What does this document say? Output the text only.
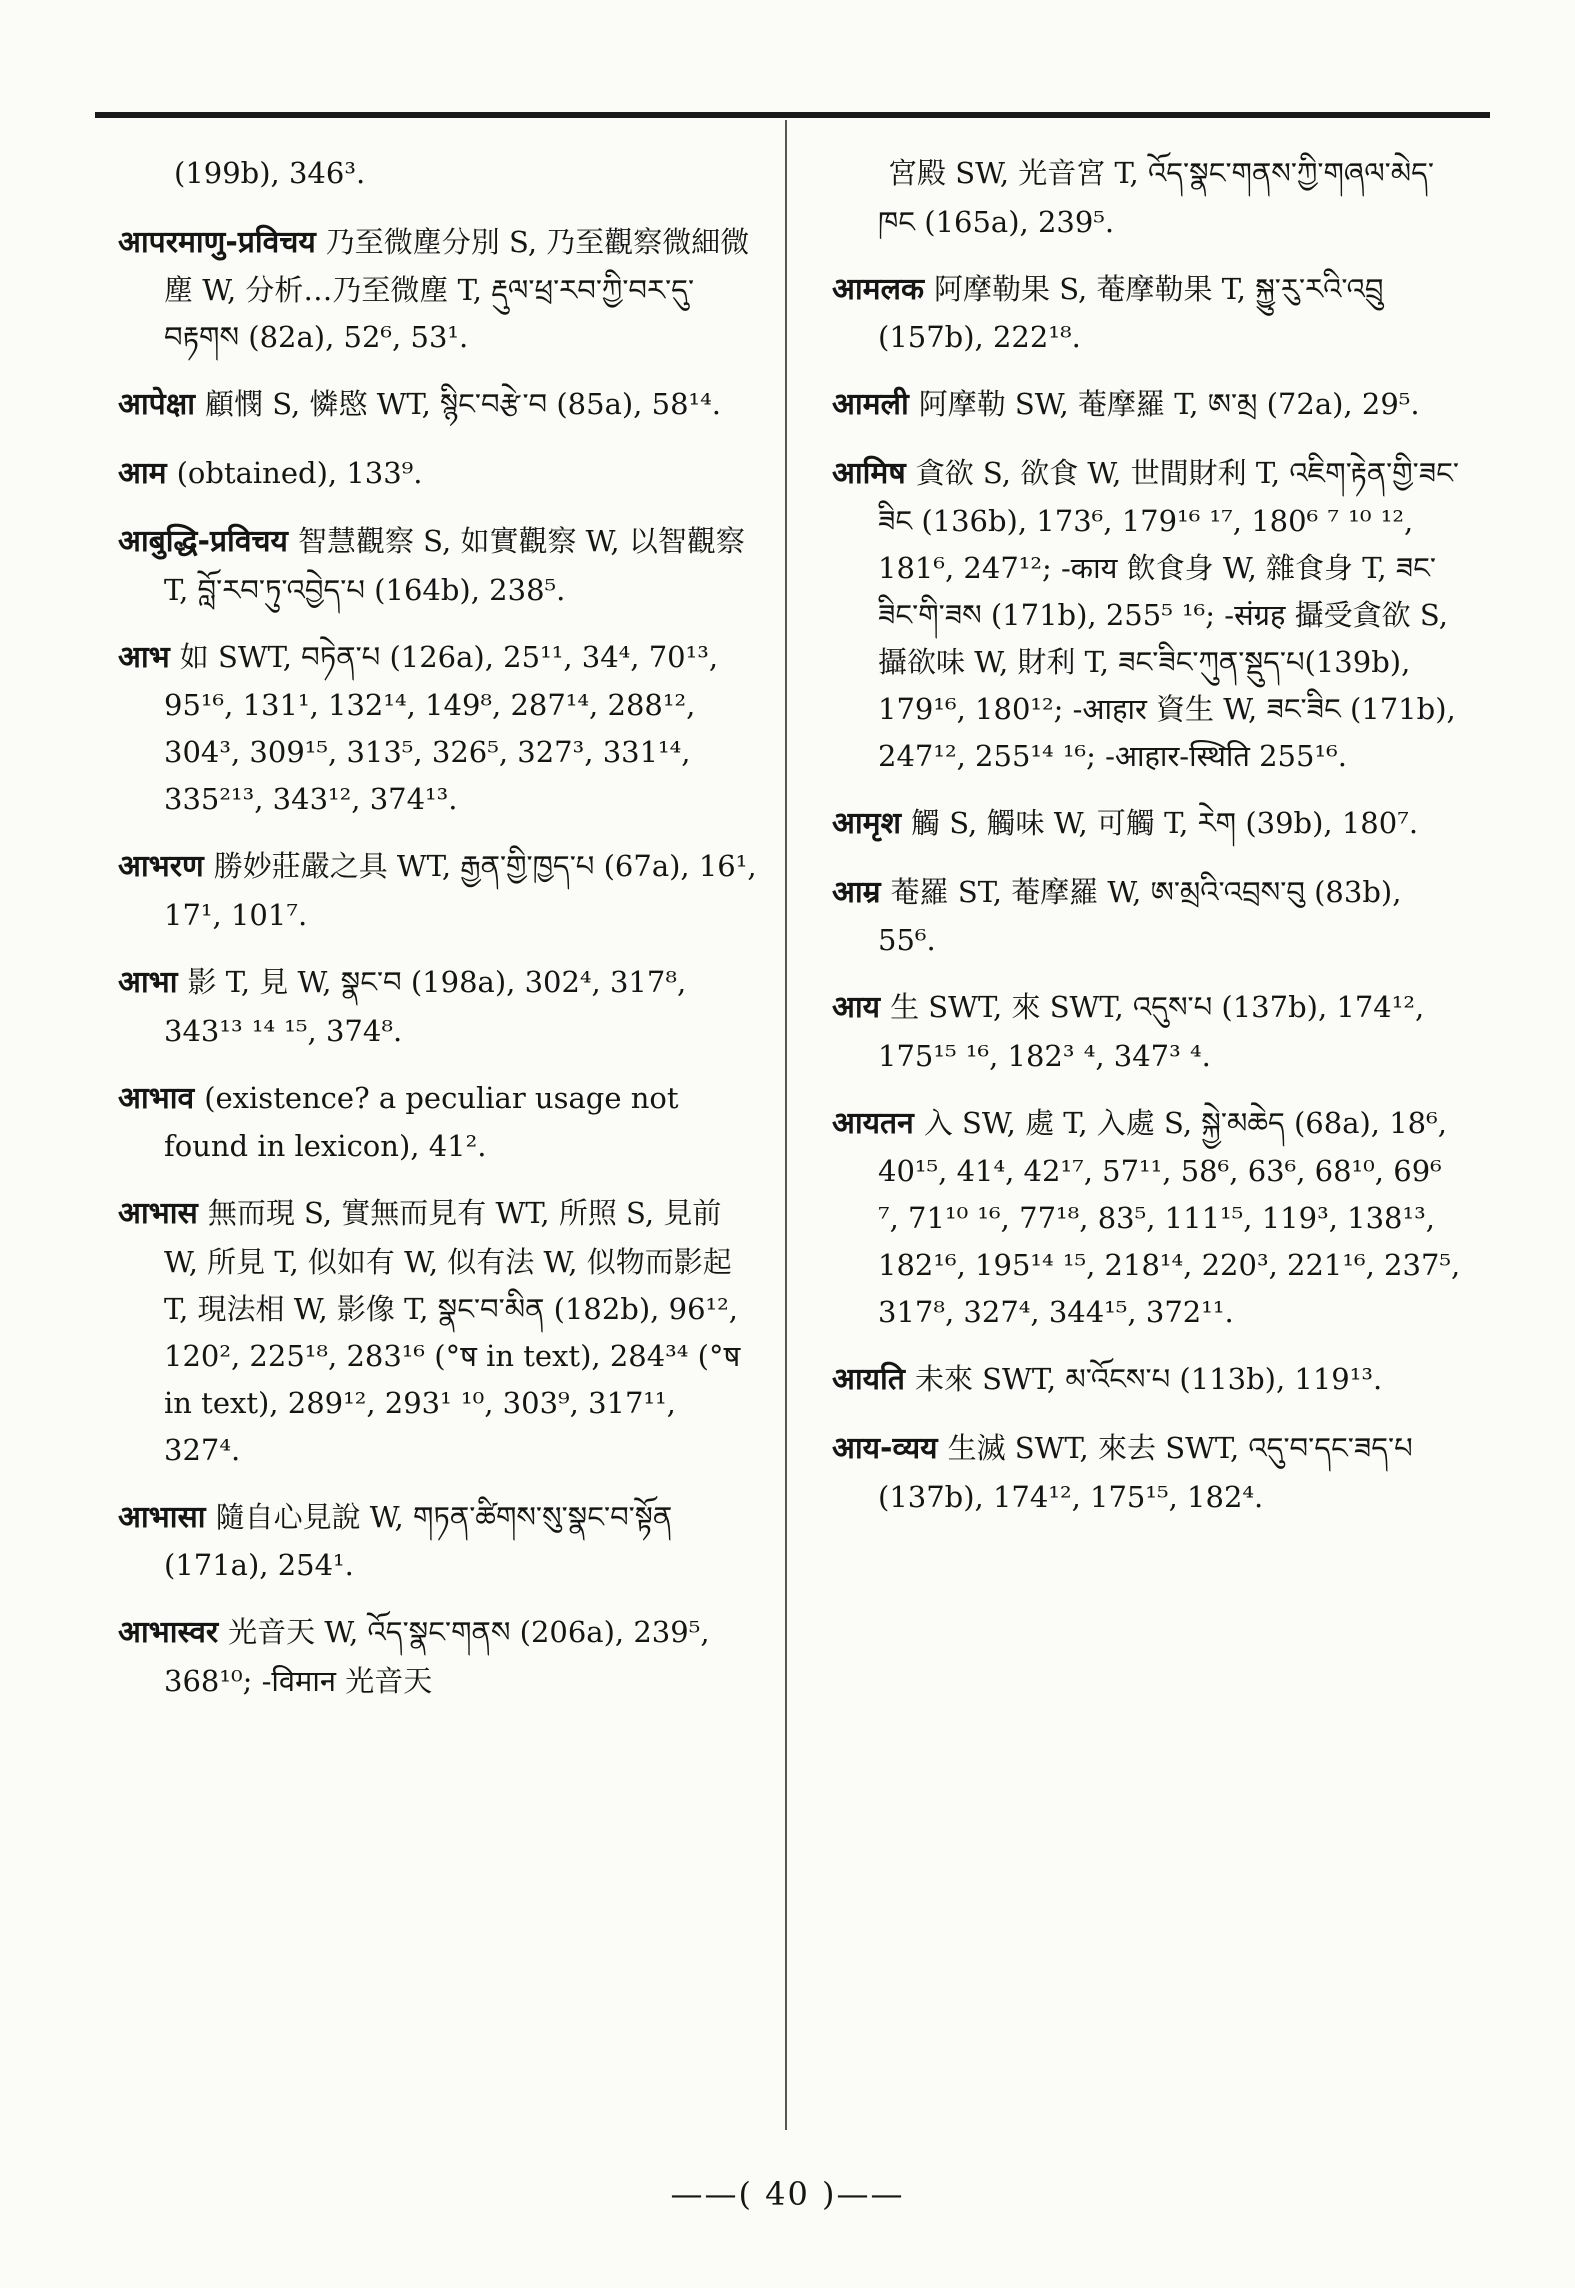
(199b), 346³.

आपरमाणु-प्रविचय 乃至微塵分別 S, 乃至觀察微細微塵 W, 分析…乃至微塵 T, རྡུལ་ཕྲ་རབ་ཀྱི་བར་དུ་བརྟགས (82a), 52⁶, 53¹.

आपेक्षा 顧憫 S, 憐愍 WT, སྙིང་བརྩེ་བ (85a), 58¹⁴.

आम (obtained), 133⁹.

आबुद्धि-प्रविचय 智慧觀察 S, 如實觀察 W, 以智觀察 T, བློ་རབ་ཏུ་འབྱེད་པ (164b), 238⁵.

आभ 如 SWT, བཏེན་པ (126a), 25¹¹, 34⁴, 70¹³, 95¹⁶, 131¹, 132¹⁴, 149⁸, 287¹⁴, 288¹², 304³, 309¹⁵, 313⁵, 326⁵, 327³, 331¹⁴, 335²¹³, 343¹², 374¹³.

आभरण 勝妙莊嚴之具 WT, རྒྱན་གྱི་ཁྱད་པ (67a), 16¹, 17¹, 101⁷.

आभा 影 T, 見 W, སྣང་བ (198a), 302⁴, 317⁸, 343¹³ ¹⁴ ¹⁵, 374⁸.

आभाव (existence? a peculiar usage not found in lexicon), 41².

आभास 無而現 S, 實無而見有 WT, 所照 S, 見前 W, 所見 T, 似如有 W, 似有法 W, 似物而影起 T, 現法相 W, 影像 T, སྣང་བ་མིན (182b), 96¹², 120², 225¹⁸, 283¹⁶ (°ष in text), 284³⁴ (°ष in text), 289¹², 293¹ ¹⁰, 303⁹, 317¹¹, 327⁴.

आभासा 隨自心見說 W, གཏན་ཚིགས་སུ་སྣང་བ་སྟོན (171a), 254¹.

आभास्वर 光音天 W, འོད་སྣང་གནས (206a), 239⁵, 368¹⁰; -विमान 光音天

宮殿 SW, 光音宮 T, འོད་སྣང་གནས་ཀྱི་གཞལ་མེད་ཁང (165a), 239⁵.

आमलक 阿摩勒果 S, 菴摩勒果 T, སྐྱུ་རུ་རའི་འབྲུ (157b), 222¹⁸.

आमली 阿摩勒 SW, 菴摩羅 T, ཨ་མྲ (72a), 29⁵.

आमिष 貪欲 S, 欲食 W, 世間財利 T, འཇིག་རྟེན་གྱི་ཟང་ཟིང (136b), 173⁶, 179¹⁶ ¹⁷, 180⁶ ⁷ ¹⁰ ¹², 181⁶, 247¹²; -काय 飲食身 W, 雜食身 T, ཟང་ཟིང་གི་ཟས (171b), 255⁵ ¹⁶; -संग्रह 攝受貪欲 S, 攝欲味 W, 財利 T, ཟང་ཟིང་ཀུན་སྡུད་པ(139b), 179¹⁶, 180¹²; -आहार 資生 W, ཟང་ཟིང (171b), 247¹², 255¹⁴ ¹⁶; -आहार-स्थिति 255¹⁶.

आमृश 觸 S, 觸味 W, 可觸 T, རེག (39b), 180⁷.

आम्र 菴羅 ST, 菴摩羅 W, ཨ་མྲའི་འབྲས་བུ (83b), 55⁶.

आय 生 SWT, 來 SWT, འདུས་པ (137b), 174¹², 175¹⁵ ¹⁶, 182³ ⁴, 347³ ⁴.

आयतन 入 SW, 處 T, 入處 S, སྐྱེ་མཆེད (68a), 18⁶, 40¹⁵, 41⁴, 42¹⁷, 57¹¹, 58⁶, 63⁶, 68¹⁰, 69⁶ ⁷, 71¹⁰ ¹⁶, 77¹⁸, 83⁵, 111¹⁵, 119³, 138¹³, 182¹⁶, 195¹⁴ ¹⁵, 218¹⁴, 220³, 221¹⁶, 237⁵, 317⁸, 327⁴, 344¹⁵, 372¹¹.

आयति 未來 SWT, མ་འོངས་པ (113b), 119¹³.

आय-व्यय 生滅 SWT, 來去 SWT, འདུ་བ་དང་ཟད་པ (137b), 174¹², 175¹⁵, 182⁴.

——( 40 )——
